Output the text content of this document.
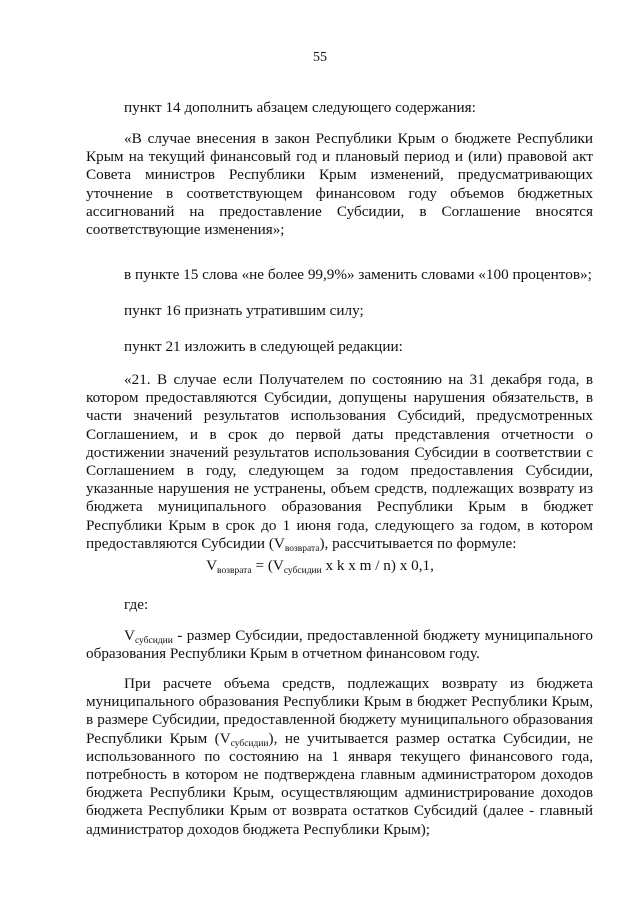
55
пункт 14 дополнить абзацем следующего содержания:
«В случае внесения в закон Республики Крым о бюджете Республики Крым на текущий финансовый год и плановый период и (или) правовой акт Совета министров Республики Крым изменений, предусматривающих уточнение в соответствующем финансовом году объемов бюджетных ассигнований на предоставление Субсидии, в Соглашение вносятся соответствующие изменения»;
в пункте 15 слова «не более 99,9%» заменить словами «100 процентов»;
пункт 16 признать утратившим силу;
пункт 21 изложить в следующей редакции:
«21. В случае если Получателем по состоянию на 31 декабря года, в котором предоставляются Субсидии, допущены нарушения обязательств, в части значений результатов использования Субсидий, предусмотренных Соглашением, и в срок до первой даты представления отчетности о достижении значений результатов использования Субсидии в соответствии с Соглашением в году, следующем за годом предоставления Субсидии, указанные нарушения не устранены, объем средств, подлежащих возврату из бюджета муниципального образования Республики Крым в бюджет Республики Крым в срок до 1 июня года, следующего за годом, в котором предоставляются Субсидии $(V_{возврата})$, рассчитывается по формуле:
$V_{возврата} = (V_{субсидии}$ x k x m / n) x 0,1,
где:
$V_{субсидии}$ - размер Субсидии, предоставленной бюджету муниципального образования Республики Крым в отчетном финансовом году.
При расчете объема средств, подлежащих возврату из бюджета муниципального образования Республики Крым в бюджет Республики Крым, в размере Субсидии, предоставленной бюджету муниципального образования Республики Крым $(V_{субсидии})$, не учитывается размер остатка Субсидии, не использованного по состоянию на 1 января текущего финансового года, потребность в котором не подтверждена главным администратором доходов бюджета Республики Крым, осуществляющим администрирование доходов бюджета Республики Крым от возврата остатков Субсидий (далее - главный администратор доходов бюджета Республики Крым);
